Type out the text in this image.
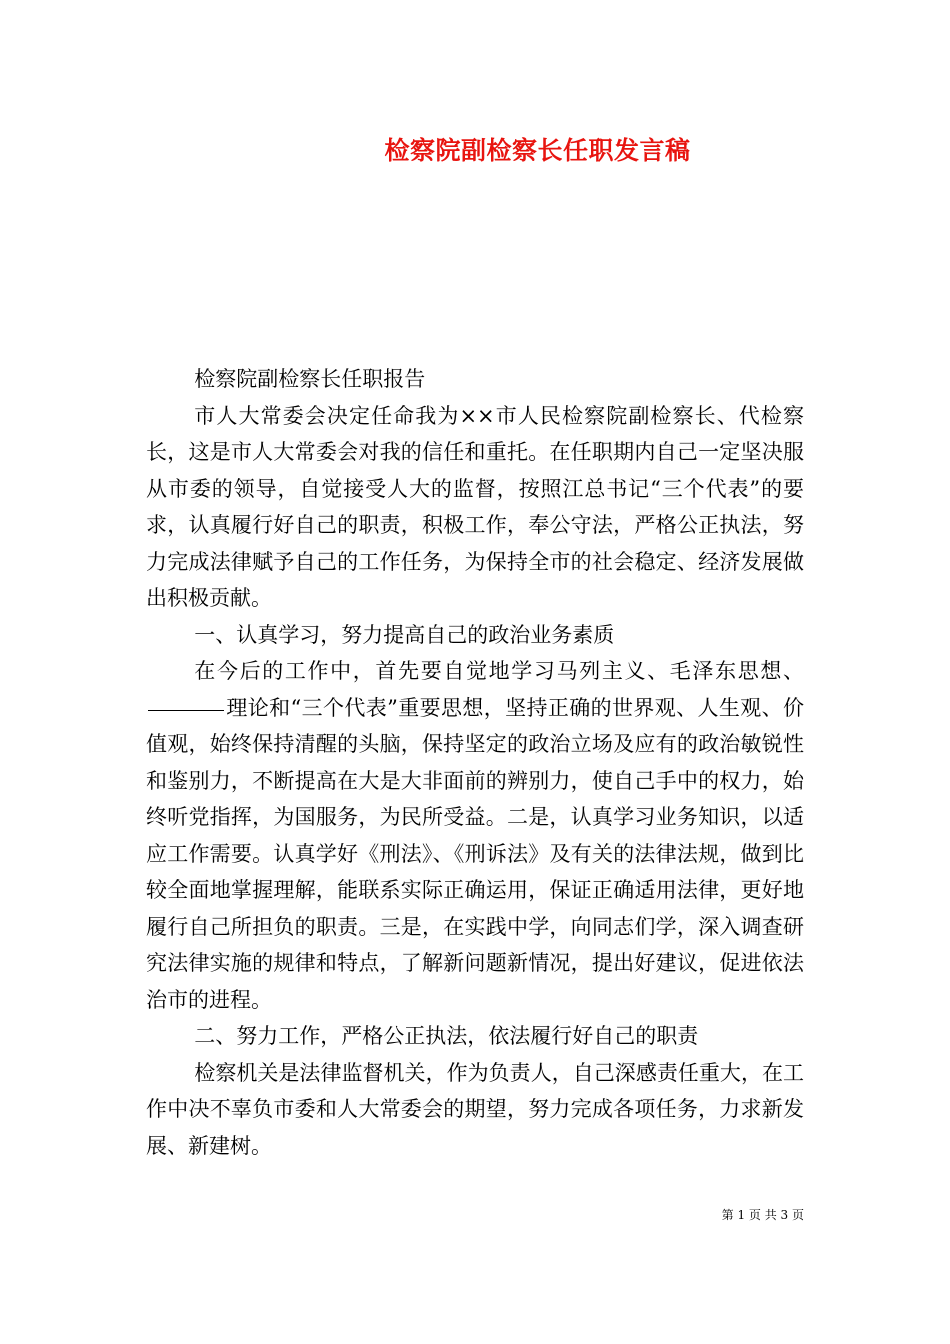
检察院副检察长任职发言稿

检察院副检察长任职报告

市人大常委会决定任命我为××市人民检察院副检察长、代检察长，这是市人大常委会对我的信任和重托。在任职期内自己一定坚决服从市委的领导，自觉接受人大的监督，按照江总书记“三个代表”的要求，认真履行好自己的职责，积极工作，奉公守法，严格公正执法，努力完成法律赋予自己的工作任务，为保持全市的社会稳定、经济发展做出积极贡献。

一、认真学习，努力提高自己的政治业务素质

在今后的工作中，首先要自觉地学习马列主义、毛泽东思想、理论和“三个代表”重要思想，坚持正确的世界观、人生观、价值观，始终保持清醒的头脑，保持坚定的政治立场及应有的政治敏锐性和鉴别力，不断提高在大是大非面前的辨别力，使自己手中的权力，始终听党指挥，为国服务，为民所受益。二是，认真学习业务知识，以适应工作需要。认真学好《刑法》、《刑诉法》及有关的法律法规，做到比较全面地掌握理解，能联系实际正确运用，保证正确适用法律，更好地履行自己所担负的职责。三是，在实践中学，向同志们学，深入调查研究法律实施的规律和特点，了解新问题新情况，提出好建议，促进依法治市的进程。

二、努力工作，严格公正执法，依法履行好自己的职责

检察机关是法律监督机关，作为负责人，自己深感责任重大，在工作中决不辜负市委和人大常委会的期望，努力完成各项任务，力求新发展、新建树。

第 1 页 共 3 页
